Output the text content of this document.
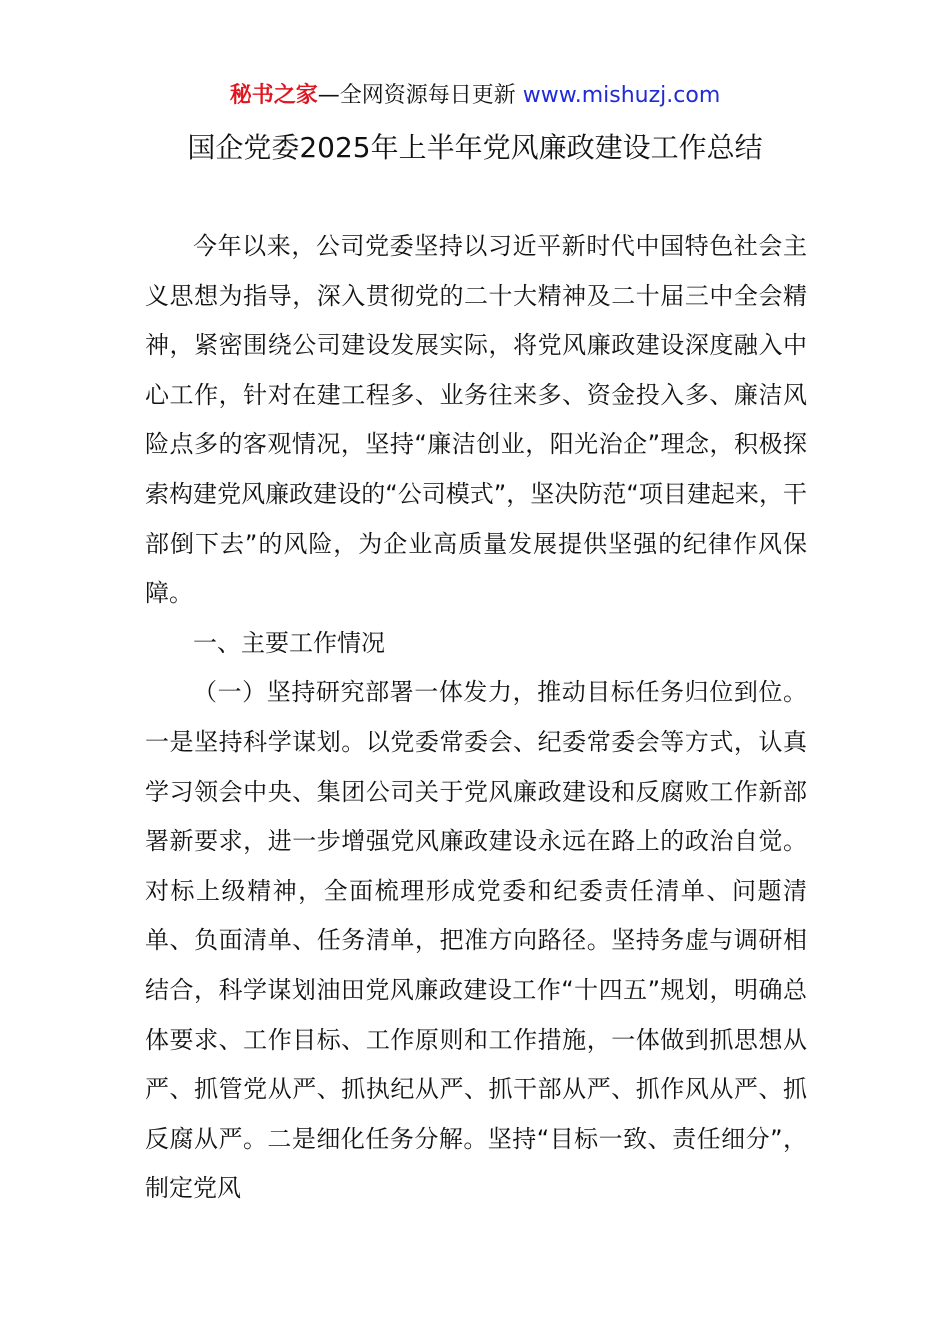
秘书之家—全网资源每日更新 www.mishuzj.com
国企党委2025年上半年党风廉政建设工作总结

今年以来，公司党委坚持以习近平新时代中国特色社会主义思想为指导，深入贯彻党的二十大精神及二十届三中全会精神，紧密围绕公司建设发展实际，将党风廉政建设深度融入中心工作，针对在建工程多、业务往来多、资金投入多、廉洁风险点多的客观情况，坚持“廉洁创业，阳光治企”理念，积极探索构建党风廉政建设的“公司模式”，坚决防范“项目建起来，干部倒下去”的风险，为企业高质量发展提供坚强的纪律作风保障。

一、主要工作情况

（一）坚持研究部署一体发力，推动目标任务归位到位。一是坚持科学谋划。以党委常委会、纪委常委会等方式，认真学习领会中央、集团公司关于党风廉政建设和反腐败工作新部署新要求，进一步增强党风廉政建设永远在路上的政治自觉。对标上级精神，全面梳理形成党委和纪委责任清单、问题清单、负面清单、任务清单，把准方向路径。坚持务虚与调研相结合，科学谋划油田党风廉政建设工作“十四五”规划，明确总体要求、工作目标、工作原则和工作措施，一体做到抓思想从严、抓管党从严、抓执纪从严、抓干部从严、抓作风从严、抓反腐从严。二是细化任务分解。坚持“目标一致、责任细分”，制定党风
